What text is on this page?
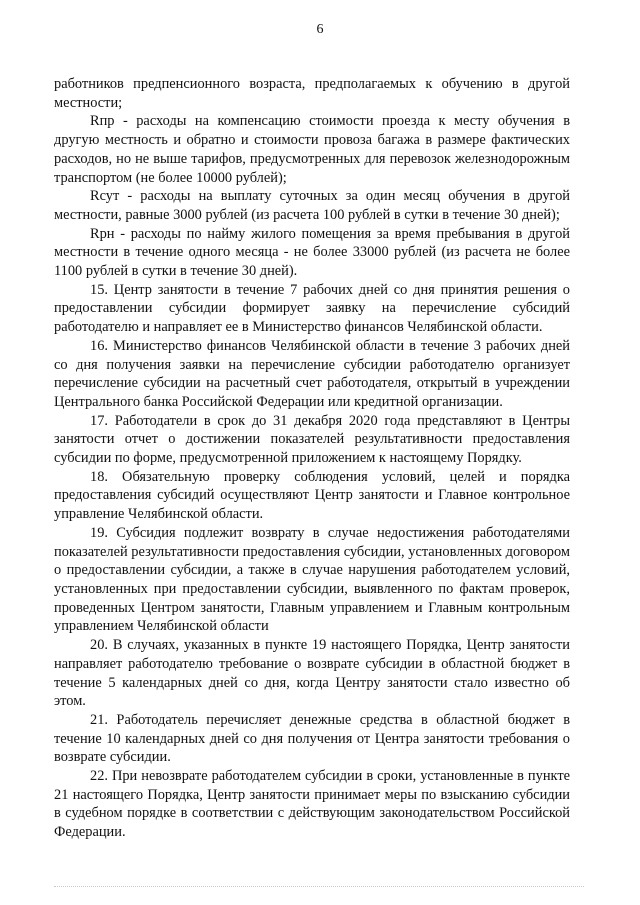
6

работников предпенсионного возраста, предполагаемых к обучению в другой местности;

Rпр - расходы на компенсацию стоимости проезда к месту обучения в другую местность и обратно и стоимости провоза багажа в размере фактических расходов, но не выше тарифов, предусмотренных для перевозок железнодорожным транспортом (не более 10000 рублей);

Rсут - расходы на выплату суточных за один месяц обучения в другой местности, равные 3000 рублей (из расчета 100 рублей в сутки в течение 30 дней);

Rрн - расходы по найму жилого помещения за время пребывания в другой местности в течение одного месяца - не более 33000 рублей (из расчета не более 1100 рублей в сутки в течение 30 дней).

15. Центр занятости в течение 7 рабочих дней со дня принятия решения о предоставлении субсидии формирует заявку на перечисление субсидий работодателю и направляет ее в Министерство финансов Челябинской области.

16. Министерство финансов Челябинской области в течение 3 рабочих дней со дня получения заявки на перечисление субсидии работодателю организует перечисление субсидии на расчетный счет работодателя, открытый в учреждении Центрального банка Российской Федерации или кредитной организации.

17. Работодатели в срок до 31 декабря 2020 года представляют в Центры занятости отчет о достижении показателей результативности предоставления субсидии по форме, предусмотренной приложением к настоящему Порядку.

18. Обязательную проверку соблюдения условий, целей и порядка предоставления субсидий осуществляют Центр занятости и Главное контрольное управление Челябинской области.

19. Субсидия подлежит возврату в случае недостижения работодателями показателей результативности предоставления субсидии, установленных договором о предоставлении субсидии, а также в случае нарушения работодателем условий, установленных при предоставлении субсидии, выявленного по фактам проверок, проведенных Центром занятости, Главным управлением и Главным контрольным управлением Челябинской области

20. В случаях, указанных в пункте 19 настоящего Порядка, Центр занятости направляет работодателю требование о возврате субсидии в областной бюджет в течение 5 календарных дней со дня, когда Центру занятости стало известно об этом.

21. Работодатель перечисляет денежные средства в областной бюджет в течение 10 календарных дней со дня получения от Центра занятости требования о возврате субсидии.

22. При невозврате работодателем субсидии в сроки, установленные в пункте 21 настоящего Порядка, Центр занятости принимает меры по взысканию субсидии в судебном порядке в соответствии с действующим законодательством Российской Федерации.
